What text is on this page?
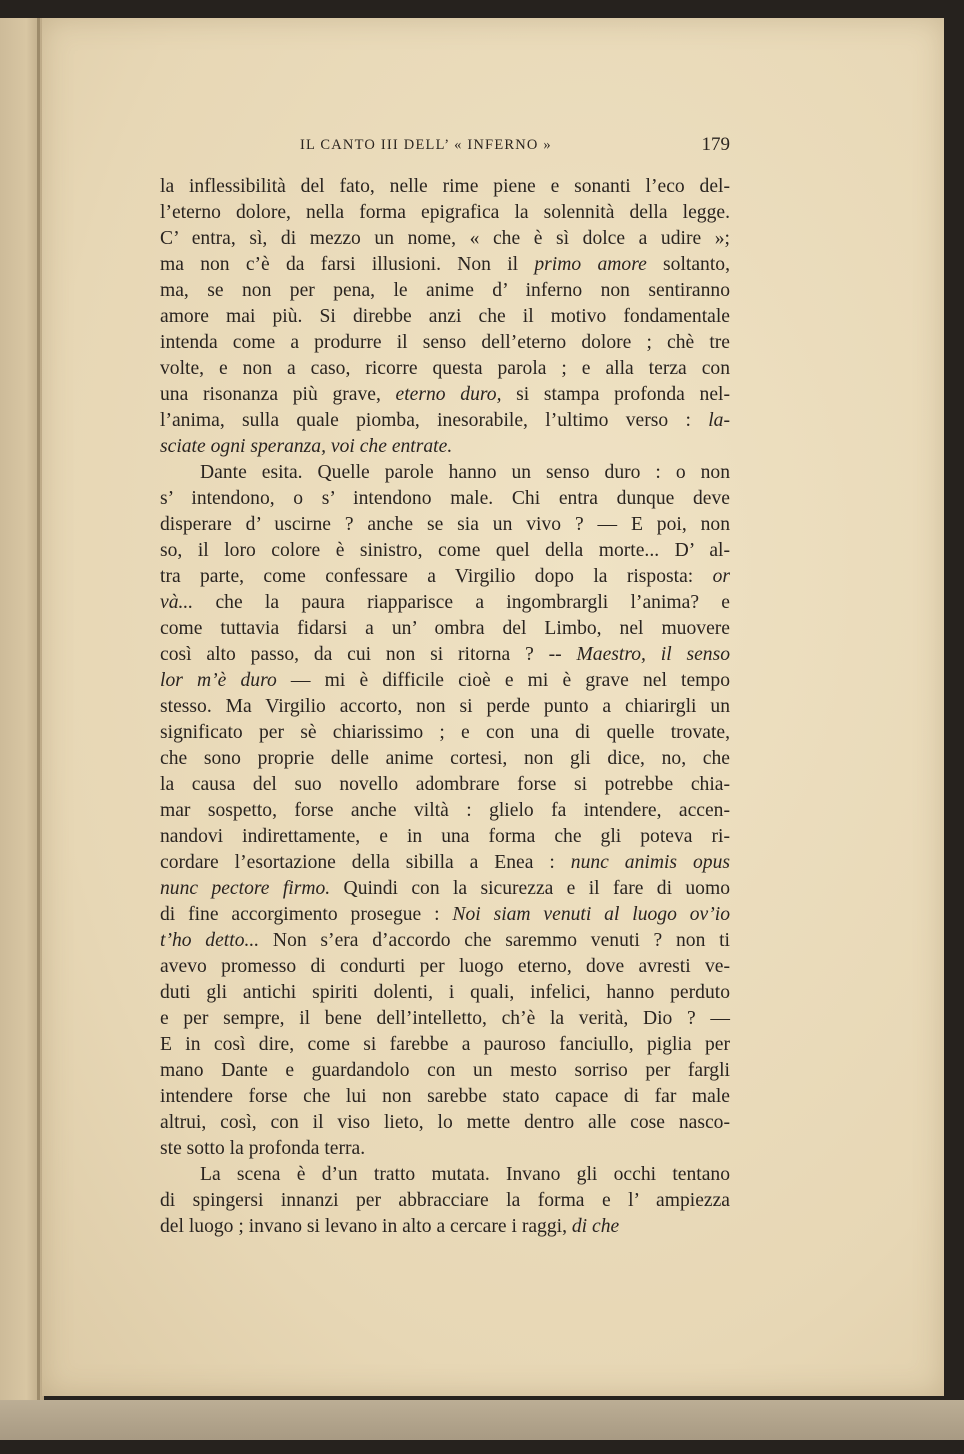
IL CANTO III DELL’ « INFERNO »	179
la inflessibilità del fato, nelle rime piene e sonanti l’eco del-
l’eterno dolore, nella forma epigrafica la solennità della legge.
C’ entra, sì, di mezzo un nome, « che è sì dolce a udire »;
ma non c’è da farsi illusioni. Non il primo amore soltanto,
ma, se non per pena, le anime d’ inferno non sentiranno
amore mai più. Si direbbe anzi che il motivo fondamentale
intenda come a produrre il senso dell’eterno dolore ; chè tre
volte, e non a caso, ricorre questa parola ; e alla terza con
una risonanza più grave, eterno duro, si stampa profonda nel-
l’anima, sulla quale piomba, inesorabile, l’ultimo verso : la-
sciate ogni speranza, voi che entrate.
Dante esita. Quelle parole hanno un senso duro : o non
s’ intendono, o s’ intendono male. Chi entra dunque deve
disperare d’ uscirne ? anche se sia un vivo ? — E poi, non
so, il loro colore è sinistro, come quel della morte... D’ al-
tra parte, come confessare a Virgilio dopo la risposta: or
và... che la paura riapparisce a ingombrargli l’anima? e
come tuttavia fidarsi a un’ ombra del Limbo, nel muovere
così alto passo, da cui non si ritorna ? -- Maestro, il senso
lor m’è duro — mi è difficile cioè e mi è grave nel tempo
stesso. Ma Virgilio accorto, non si perde punto a chiarirgli un
significato per sè chiarissimo ; e con una di quelle trovate,
che sono proprie delle anime cortesi, non gli dice, no, che
la causa del suo novello adombrare forse si potrebbe chia-
mar sospetto, forse anche viltà : glielo fa intendere, accen-
nandovi indirettamente, e in una forma che gli poteva ri-
cordare l’esortazione della sibilla a Enea : nunc animis opus
nunc pectore firmo. Quindi con la sicurezza e il fare di uomo
di fine accorgimento prosegue : Noi siam venuti al luogo ov’io
t’ho detto... Non s’era d’accordo che saremmo venuti ? non ti
avevo promesso di condurti per luogo eterno, dove avresti ve-
duti gli antichi spiriti dolenti, i quali, infelici, hanno perduto
e per sempre, il bene dell’intelletto, ch’è la verità, Dio ? —
E in così dire, come si farebbe a pauroso fanciullo, piglia per
mano Dante e guardandolo con un mesto sorriso per fargli
intendere forse che lui non sarebbe stato capace di far male
altrui, così, con il viso lieto, lo mette dentro alle cose nasco-
ste sotto la profonda terra.
La scena è d’un tratto mutata. Invano gli occhi tentano
di spingersi innanzi per abbracciare la forma e l’ ampiezza
del luogo ; invano si levano in alto a cercare i raggi, di che
